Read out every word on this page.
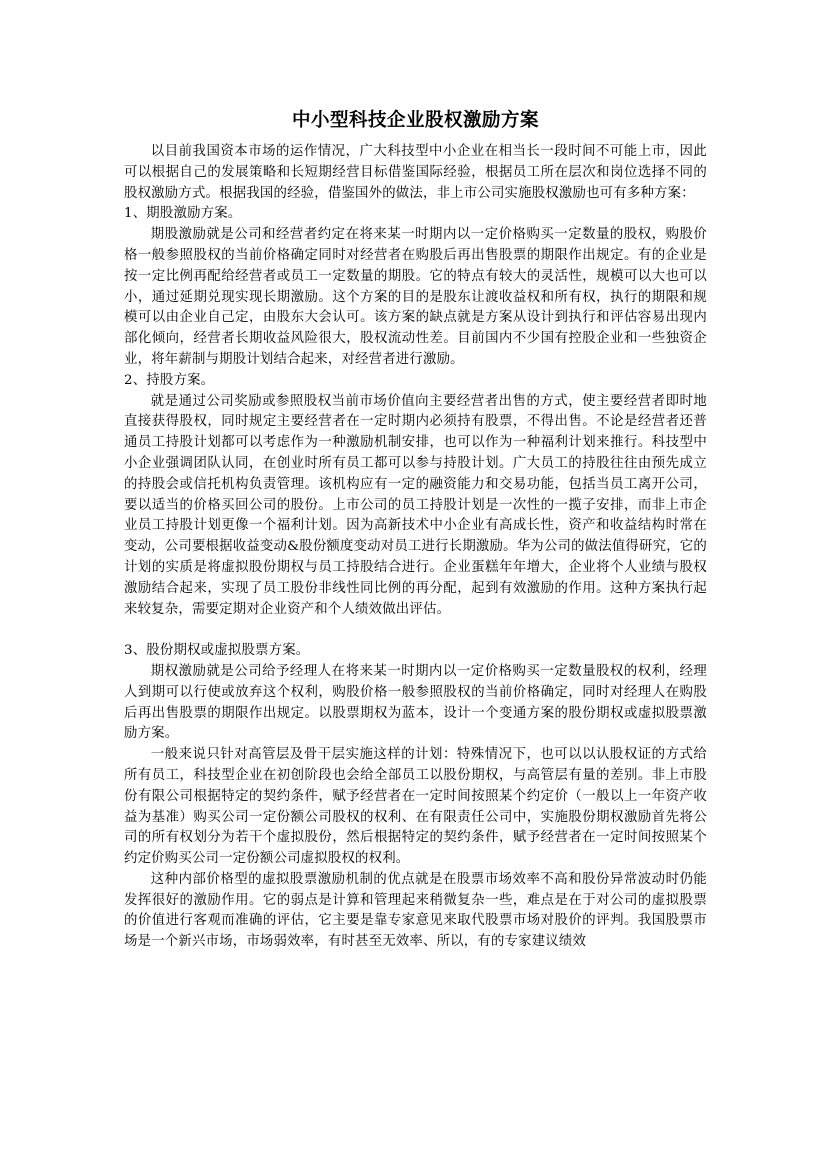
中小型科技企业股权激励方案

以目前我国资本市场的运作情况，广大科技型中小企业在相当长一段时间不可能上市，因此可以根据自己的发展策略和长短期经营目标借鉴国际经验，根据员工所在层次和岗位选择不同的股权激励方式。根据我国的经验，借鉴国外的做法，非上市公司实施股权激励也可有多种方案：

1、期股激励方案。

期股激励就是公司和经营者约定在将来某一时期内以一定价格购买一定数量的股权，购股价格一般参照股权的当前价格确定同时对经营者在购股后再出售股票的期限作出规定。有的企业是按一定比例再配给经营者或员工一定数量的期股。它的特点有较大的灵活性，规模可以大也可以小，通过延期兑现实现长期激励。这个方案的目的是股东让渡收益权和所有权，执行的期限和规模可以由企业自己定，由股东大会认可。该方案的缺点就是方案从设计到执行和评估容易出现内部化倾向，经营者长期收益风险很大，股权流动性差。目前国内不少国有控股企业和一些独资企业，将年薪制与期股计划结合起来，对经营者进行激励。

2、持股方案。

就是通过公司奖励或参照股权当前市场价值向主要经营者出售的方式，使主要经营者即时地直接获得股权，同时规定主要经营者在一定时期内必须持有股票，不得出售。不论是经营者还普通员工持股计划都可以考虑作为一种激励机制安排，也可以作为一种福利计划来推行。科技型中小企业强调团队认同，在创业时所有员工都可以参与持股计划。广大员工的持股往往由预先成立的持股会或信托机构负责管理。该机构应有一定的融资能力和交易功能，包括当员工离开公司，要以适当的价格买回公司的股份。上市公司的员工持股计划是一次性的一揽子安排，而非上市企业员工持股计划更像一个福利计划。因为高新技术中小企业有高成长性，资产和收益结构时常在变动，公司要根据收益变动&股份额度变动对员工进行长期激励。华为公司的做法值得研究，它的计划的实质是将虚拟股份期权与员工持股结合进行。企业蛋糕年年增大，企业将个人业绩与股权激励结合起来，实现了员工股份非线性同比例的再分配，起到有效激励的作用。这种方案执行起来较复杂，需要定期对企业资产和个人绩效做出评估。

3、股份期权或虚拟股票方案。

期权激励就是公司给予经理人在将来某一时期内以一定价格购买一定数量股权的权利，经理人到期可以行使或放弃这个权利，购股价格一般参照股权的当前价格确定，同时对经理人在购股后再出售股票的期限作出规定。以股票期权为蓝本，设计一个变通方案的股份期权或虚拟股票激励方案。

一般来说只针对高管层及骨干层实施这样的计划：特殊情况下，也可以以认股权证的方式给所有员工，科技型企业在初创阶段也会给全部员工以股份期权，与高管层有量的差别。非上市股份有限公司根据特定的契约条件，赋予经营者在一定时间按照某个约定价（一般以上一年资产收益为基准）购买公司一定份额公司股权的权利、在有限责任公司中，实施股份期权激励首先将公司的所有权划分为若干个虚拟股份，然后根据特定的契约条件，赋予经营者在一定时间按照某个约定价购买公司一定份额公司虚拟股权的权利。

这种内部价格型的虚拟股票激励机制的优点就是在股票市场效率不高和股份异常波动时仍能发挥很好的激励作用。它的弱点是计算和管理起来稍微复杂一些，难点是在于对公司的虚拟股票的价值进行客观而准确的评估，它主要是靠专家意见来取代股票市场对股价的评判。我国股票市场是一个新兴市场，市场弱效率，有时甚至无效率、所以，有的专家建议绩效
